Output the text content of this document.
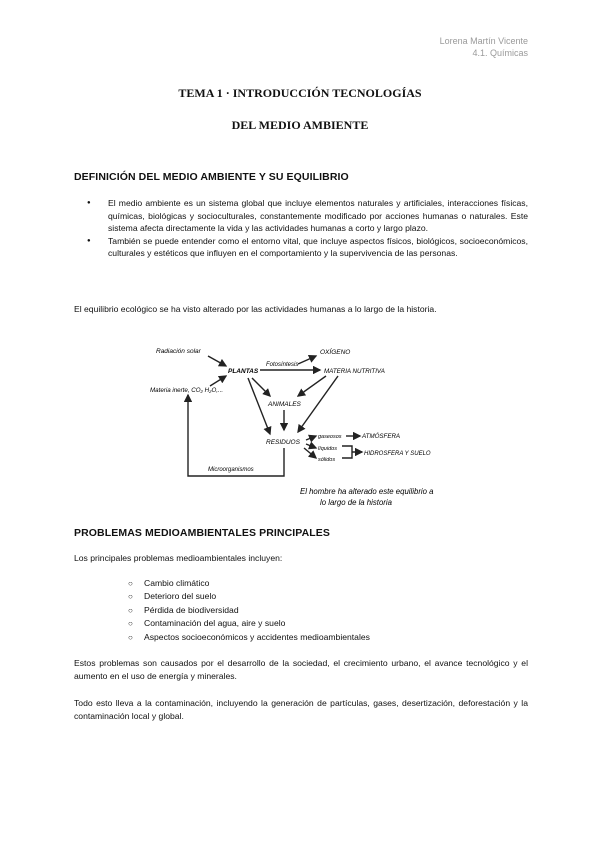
Lorena Martín Vicente
4.1. Químicas
TEMA 1 · INTRODUCCIÓN TECNOLOGÍAS
DEL MEDIO AMBIENTE
DEFINICIÓN DEL MEDIO AMBIENTE Y SU EQUILIBRIO
● El medio ambiente es un sistema global que incluye elementos naturales y artificiales, interacciones físicas, químicas, biológicas y socioculturales, constantemente modificado por acciones humanas o naturales. Este sistema afecta directamente la vida y las actividades humanas a corto y largo plazo.
● También se puede entender como el entorno vital, que incluye aspectos físicos, biológicos, socioeconómicos, culturales y estéticos que influyen en el comportamiento y la supervivencia de las personas.
El equilibrio ecológico se ha visto alterado por las actividades humanas a lo largo de la historia.
Radiación solar
PLANTAS
Materia inerte, CO₂ H₂O,...
Fotosíntesis
OXÍGENO
MATERIA NUTRITIVA
ANIMALES
RESIDUOS
gaseosos
líquidos
sólidos
ATMÓSFERA
HIDROSFERA Y SUELO
Microorganismos
El hombre ha alterado este equilibrio a
lo largo de la historia
PROBLEMAS MEDIOAMBIENTALES PRINCIPALES
Los principales problemas medioambientales incluyen:
○ Cambio climático
○ Deterioro del suelo
○ Pérdida de biodiversidad
○ Contaminación del agua, aire y suelo
○ Aspectos socioeconómicos y accidentes medioambientales
Estos problemas son causados por el desarrollo de la sociedad, el crecimiento urbano, el avance tecnológico y el aumento en el uso de energía y minerales.
Todo esto lleva a la contaminación, incluyendo la generación de partículas, gases, desertización, deforestación y la contaminación local y global.
